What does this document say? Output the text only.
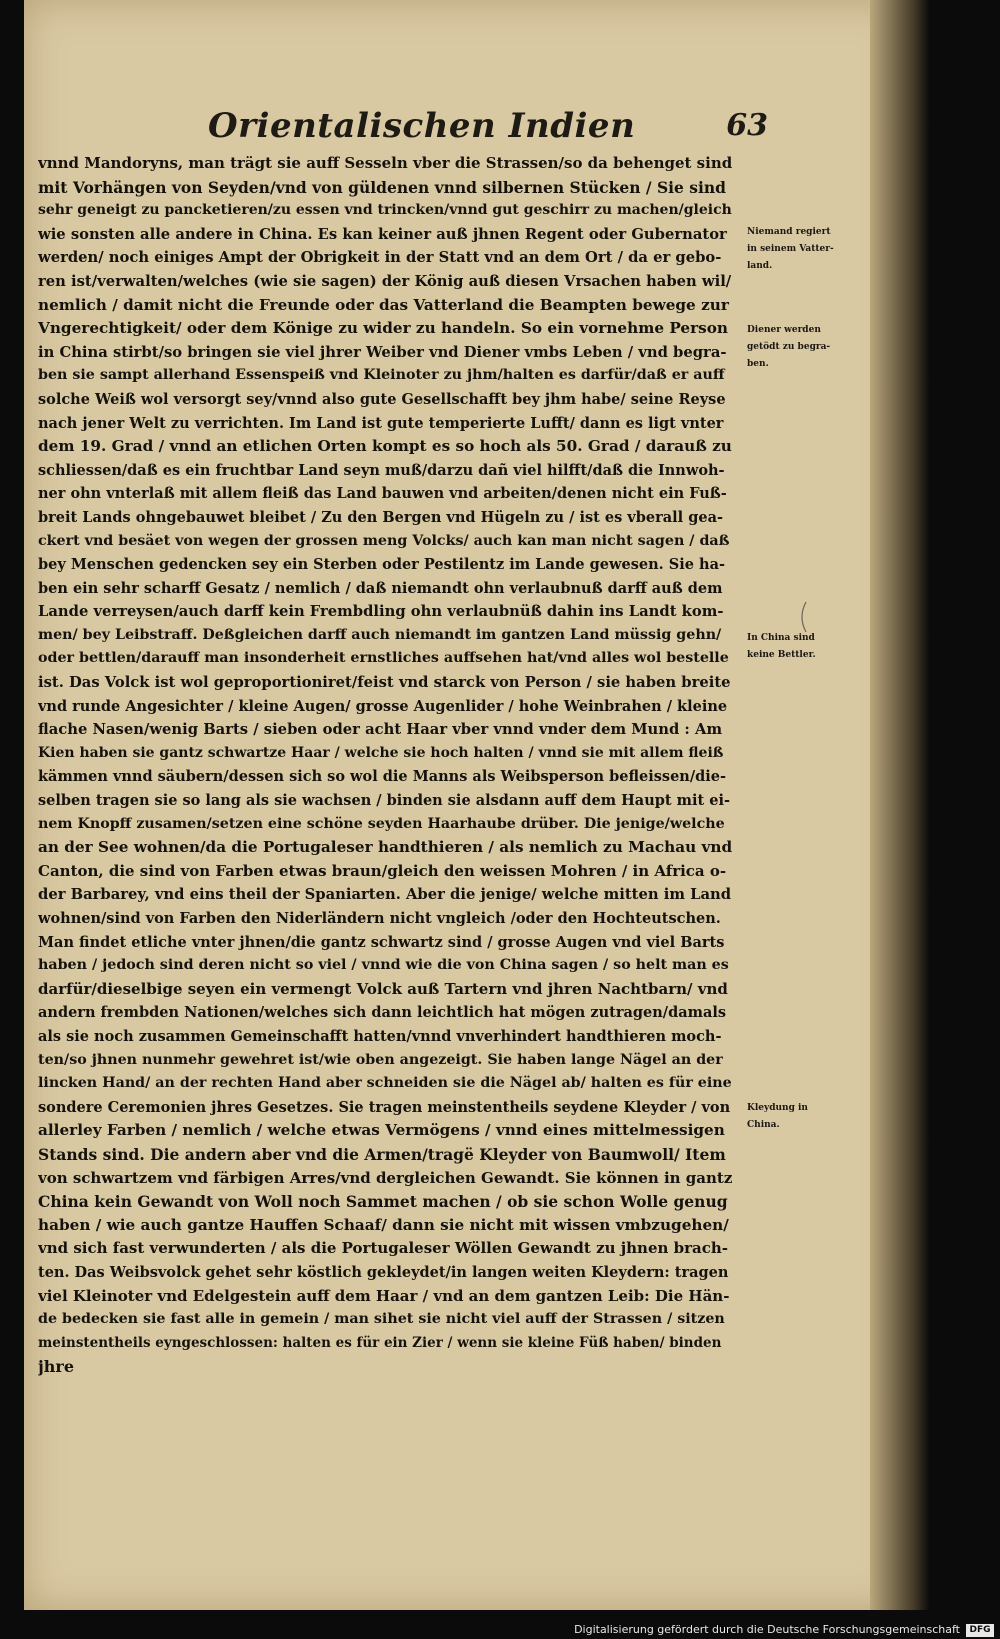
Orientalischen Indien	63
vnnd Mandoryns, man trägt sie auff Sesseln vber die Strassen/so da behenget sind
mit Vorhängen von Seyden/vnd von güldenen vnnd silbernen Stücken / Sie sind
sehr geneigt zu pancketieren/zu essen vnd trincken/vnnd gut geschirr zu machen/gleich
wie sonsten alle andere in China. Es kan keiner auß jhnen Regent oder Gubernator
werden/ noch einiges Ampt der Obrigkeit in der Statt vnd an dem Ort / da er gebo-
ren ist/verwalten/welches (wie sie sagen) der König auß diesen Vrsachen haben wil/
nemlich / damit nicht die Freunde oder das Vatterland die Beampten bewege zur
Vngerechtigkeit/ oder dem Könige zu wider zu handeln. So ein vornehme Person
in China stirbt/so bringen sie viel jhrer Weiber vnd Diener vmbs Leben / vnd begra-
ben sie sampt allerhand Essenspeiß vnd Kleinoter zu jhm/halten es darfür/daß er auff
solche Weiß wol versorgt sey/vnnd also gute Gesellschafft bey jhm habe/ seine Reyse
nach jener Welt zu verrichten. Im Land ist gute temperierte Lufft/ dann es ligt vnter
dem 19. Grad / vnnd an etlichen Orten kompt es so hoch als 50. Grad / darauß zu
schliessen/daß es ein fruchtbar Land seyn muß/darzu dañ viel hilfft/daß die Innwoh-
ner ohn vnterlaß mit allem fleiß das Land bauwen vnd arbeiten/denen nicht ein Fuß-
breit Lands ohngebauwet bleibet / Zu den Bergen vnd Hügeln zu / ist es vberall gea-
ckert vnd besäet von wegen der grossen meng Volcks/ auch kan man nicht sagen / daß
bey Menschen gedencken sey ein Sterben oder Pestilentz im Lande gewesen. Sie ha-
ben ein sehr scharff Gesatz / nemlich / daß niemandt ohn verlaubnuß darff auß dem
Lande verreysen/auch darff kein Frembdling ohn verlaubnüß dahin ins Landt kom-
men/ bey Leibstraff. Deßgleichen darff auch niemandt im gantzen Land müssig gehn/
oder bettlen/darauff man insonderheit ernstliches auffsehen hat/vnd alles wol bestelle
ist. Das Volck ist wol geproportioniret/feist vnd starck von Person / sie haben breite
vnd runde Angesichter / kleine Augen/ grosse Augenlider / hohe Weinbrahen / kleine
flache Nasen/wenig Barts / sieben oder acht Haar vber vnnd vnder dem Mund : Am
Kien haben sie gantz schwartze Haar / welche sie hoch halten / vnnd sie mit allem fleiß
kämmen vnnd säubern/dessen sich so wol die Manns als Weibsperson befleissen/die-
selben tragen sie so lang als sie wachsen / binden sie alsdann auff dem Haupt mit ei-
nem Knopff zusamen/setzen eine schöne seyden Haarhaube drüber. Die jenige/welche
an der See wohnen/da die Portugaleser handthieren / als nemlich zu Machau vnd
Canton, die sind von Farben etwas braun/gleich den weissen Mohren / in Africa o-
der Barbarey, vnd eins theil der Spaniarten. Aber die jenige/ welche mitten im Land
wohnen/sind von Farben den Niderländern nicht vngleich /oder den Hochteutschen.
Man findet etliche vnter jhnen/die gantz schwartz sind / grosse Augen vnd viel Barts
haben / jedoch sind deren nicht so viel / vnnd wie die von China sagen / so helt man es
darfür/dieselbige seyen ein vermengt Volck auß Tartern vnd jhren Nachtbarn/ vnd
andern frembden Nationen/welches sich dann leichtlich hat mögen zutragen/damals
als sie noch zusammen Gemeinschafft hatten/vnnd vnverhindert handthieren moch-
ten/so jhnen nunmehr gewehret ist/wie oben angezeigt. Sie haben lange Nägel an der
lincken Hand/ an der rechten Hand aber schneiden sie die Nägel ab/ halten es für eine
sondere Ceremonien jhres Gesetzes. Sie tragen meinstentheils seydene Kleyder / von
allerley Farben / nemlich / welche etwas Vermögens / vnnd eines mittelmessigen
Stands sind. Die andern aber vnd die Armen/tragë Kleyder von Baumwoll/ Item
von schwartzem vnd färbigen Arres/vnd dergleichen Gewandt. Sie können in gantz
China kein Gewandt von Woll noch Sammet machen / ob sie schon Wolle genug
haben / wie auch gantze Hauffen Schaaf/ dann sie nicht mit wissen vmbzugehen/
vnd sich fast verwunderten / als die Portugaleser Wöllen Gewandt zu jhnen brach-
ten. Das Weibsvolck gehet sehr köstlich gekleydet/in langen weiten Kleydern: tragen
viel Kleinoter vnd Edelgestein auff dem Haar / vnd an dem gantzen Leib: Die Hän-
de bedecken sie fast alle in gemein / man sihet sie nicht viel auff der Strassen / sitzen
meinstentheils eyngeschlossen: halten es für ein Zier / wenn sie kleine Füß haben/ binden
jhre
Niemand regiert
in seinem Vatter-
land.
Diener werden
getödt zu begra-
ben.
In China sind
keine Bettler.
Kleydung in
China.
Digitalisierung gefördert durch die Deutsche Forschungsgemeinschaft	DFG
